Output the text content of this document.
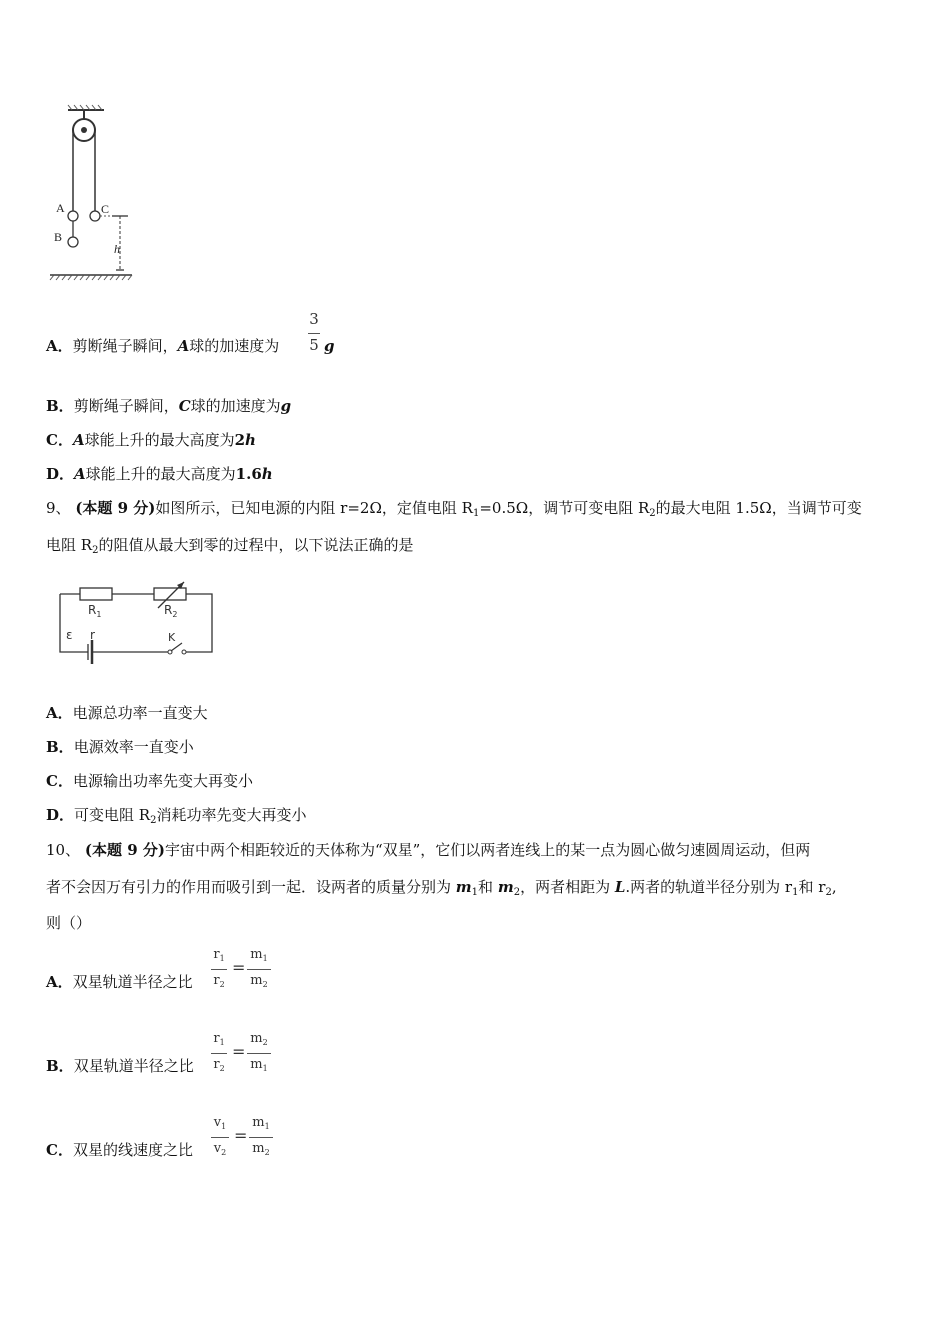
A
B
C
h
A．剪断绳子瞬间，A球的加速度为
3
5 g
B．剪断绳子瞬间，C球的加速度为g
C．A球能上升的最大高度为2h
D．A球能上升的最大高度为1.6h
9、 (本题 9 分)如图所示，已知电源的内阻 r=2Ω，定值电阻 $R_1=0.5\Omega$，调节可变电阻 $R_2$的最大电阻 1.5Ω，当调节可变
电阻 $R_2$的阻值从最大到零的过程中，以下说法正确的是
$R_1$	$R_2$
ε r	K
A．电源总功率一直变大
B．电源效率一直变小
C．电源输出功率先变大再变小
D．可变电阻 $R_2$消耗功率先变大再变小
10、 (本题 9 分)宇宙中两个相距较近的天体称为“双星”，它们以两者连线上的某一点为圆心做匀速圆周运动，但两
者不会因万有引力的作用而吸引到一起．设两者的质量分别为 $m_1$和 $m_2$，两者相距为 L.两者的轨道半径分别为 $r_1$和 $r_2$,
则（）
A．双星轨道半径之比
$r_1$
$r_2$
=
$m_1$
$m_2$
B．双星轨道半径之比
$r_1$
$r_2$
=
$m_2$
$m_1$
C．双星的线速度之比
$v_1$
$v_2$
=
$m_1$
$m_2$
